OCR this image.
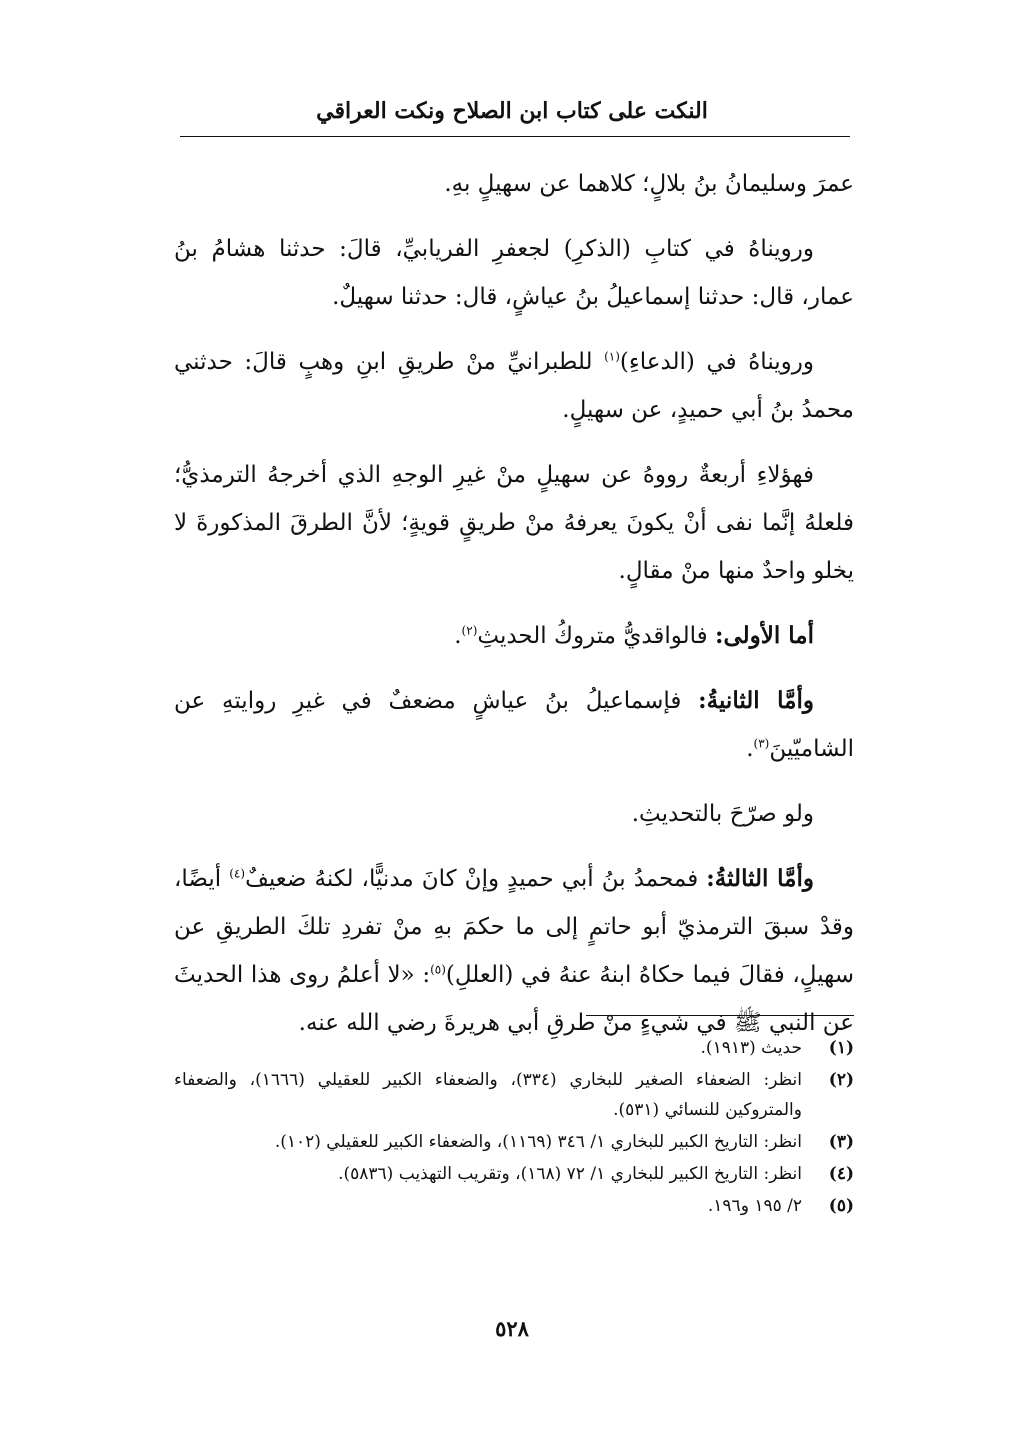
النكت على كتاب ابن الصلاح ونكت العراقي

عمرَ وسليمانُ بنُ بلالٍ؛ كلاهما عن سهيلٍ بهِ.

ورويناهُ في كتابِ (الذكرِ) لجعفرِ الفريابيِّ، قالَ: حدثنا هشامُ بنُ عمار، قال: حدثنا إسماعيلُ بنُ عياشٍ، قال: حدثنا سهيلٌ.

ورويناهُ في (الدعاءِ)$^{(١)}$ للطبرانيِّ منْ طريقِ ابنِ وهبٍ قالَ: حدثني محمدُ بنُ أبي حميدٍ، عن سهيلٍ.

فهؤلاءِ أربعةٌ رووهُ عن سهيلٍ منْ غيرِ الوجهِ الذي أخرجهُ الترمذيُّ؛ فلعلهُ إنَّما نفى أنْ يكونَ يعرفهُ منْ طريقٍ قويةٍ؛ لأنَّ الطرقَ المذكورةَ لا يخلو واحدٌ منها منْ مقالٍ.

أما الأولى: فالواقديُّ متروكُ الحديثِ$^{(٢)}$.

وأمَّا الثانيةُ: فإسماعيلُ بنُ عياشٍ مضعفٌ في غيرِ روايتهِ عن الشاميّينَ$^{(٣)}$.

ولو صرّحَ بالتحديثِ.

وأمَّا الثالثةُ: فمحمدُ بنُ أبي حميدٍ وإنْ كانَ مدنيًّا، لكنهُ ضعيفٌ$^{(٤)}$ أيضًا، وقدْ سبقَ الترمذيّ أبو حاتمٍ إلى ما حكمَ بهِ منْ تفردِ تلكَ الطريقِ عن سهيلٍ، فقالَ فيما حكاهُ ابنهُ عنهُ في (العللِ)$^{(٥)}$: «لا أعلمُ روى هذا الحديثَ عن النبي ﷺ في شيءٍ منْ طرقِ أبي هريرةَ رضي الله عنه.

(١)
حديث (١٩١٣).
(٢)
انظر: الضعفاء الصغير للبخاري (٣٣٤)، والضعفاء الكبير للعقيلي (١٦٦٦)، والضعفاء والمتروكين للنسائي (٥٣١).
(٣)
انظر: التاريخ الكبير للبخاري ١/ ٣٤٦ (١١٦٩)، والضعفاء الكبير للعقيلي (١٠٢).
(٤)
انظر: التاريخ الكبير للبخاري ١/ ٧٢ (١٦٨)، وتقريب التهذيب (٥٨٣٦).
(٥)
٢/ ١٩٥ و١٩٦.
٥٢٨
